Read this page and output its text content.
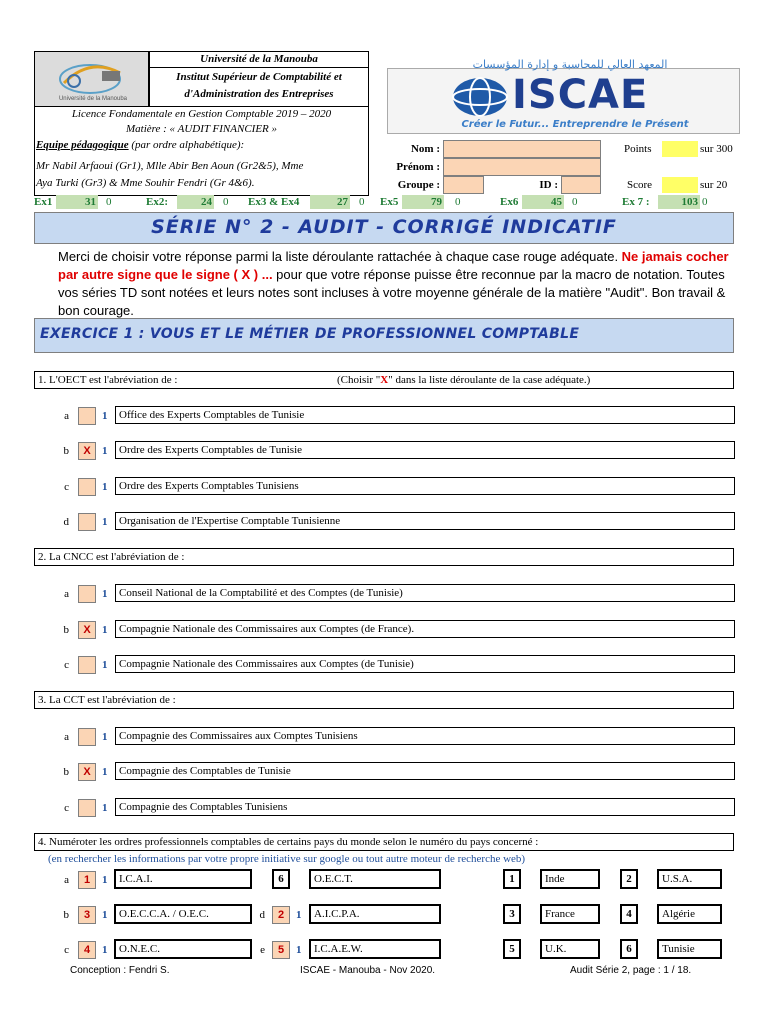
Université de la Manouba
Université de la Manouba
Institut Supérieur de Comptabilité et
d'Administration des Entreprises
Licence Fondamentale en Gestion Comptable 2019 – 2020
Matière : « AUDIT FINANCIER »
Equipe pédagogique (par ordre alphabétique):
Mr Nabil Arfaoui (Gr1), Mlle Abir Ben Aoun (Gr2&5), Mme
Aya Turki (Gr3) & Mme Souhir Fendri (Gr 4&6).
المعهد العالي للمحاسبة و إدارة المؤسسات
ISCAE
Créer le Futur... Entreprendre le Présent
Nom :
Prénom :
Groupe :	ID :
Points	sur 300
Score	sur 20
Ex1	31 0	Ex2:	24 0 Ex3 & Ex4	27 0 Ex5	79 0	Ex6	45 0	Ex 7 :	103 0
SÉRIE N° 2 - AUDIT - CORRIGÉ INDICATIF
Merci de choisir votre réponse parmi la liste déroulante rattachée à chaque case rouge adéquate. Ne jamais cocher par autre signe que le signe ( X ) ... pour que votre réponse puisse être reconnue par la macro de notation. Toutes vos séries TD sont notées et leurs notes sont incluses à votre moyenne générale de la matière "Audit". Bon travail & bon courage.
EXERCICE 1 : VOUS ET LE MÉTIER DE PROFESSIONNEL COMPTABLE
1. L'OECT est l'abréviation de :	(Choisir "X" dans la liste déroulante de la case adéquate.)
a	1	Office des Experts Comptables de Tunisie
b	X	1	Ordre des Experts Comptables de Tunisie
c	1	Ordre des Experts Comptables Tunisiens
d	1	Organisation de l'Expertise Comptable Tunisienne
2. La CNCC est l'abréviation de :
a	1	Conseil National de la Comptabilité et des Comptes (de Tunisie)
b	X	1	Compagnie Nationale des Commissaires aux Comptes (de France).
c	1	Compagnie Nationale des Commissaires aux Comptes (de Tunisie)
3. La CCT est l'abréviation de :
a	1	Compagnie des Commissaires aux Comptes Tunisiens
b	X	1	Compagnie des Comptables de Tunisie
c	1	Compagnie des Comptables Tunisiens
4. Numéroter les ordres professionnels comptables de certains pays du monde selon le numéro du pays concerné :
(en rechercher les informations par votre propre initiative sur google ou tout autre moteur de recherche web)
a	1	1	I.C.A.I.	6	O.E.C.T.	1	Inde	2	U.S.A.
b	3	1	O.E.C.C.A. / O.E.C.	d	2	1	A.I.C.P.A.	3	France	4	Algérie
c	4	1	O.N.E.C.	e	5	1	I.C.A.E.W.	5	U.K.	6	Tunisie
Conception : Fendri S.	ISCAE - Manouba - Nov 2020.	Audit Série 2, page : 1 / 18.
